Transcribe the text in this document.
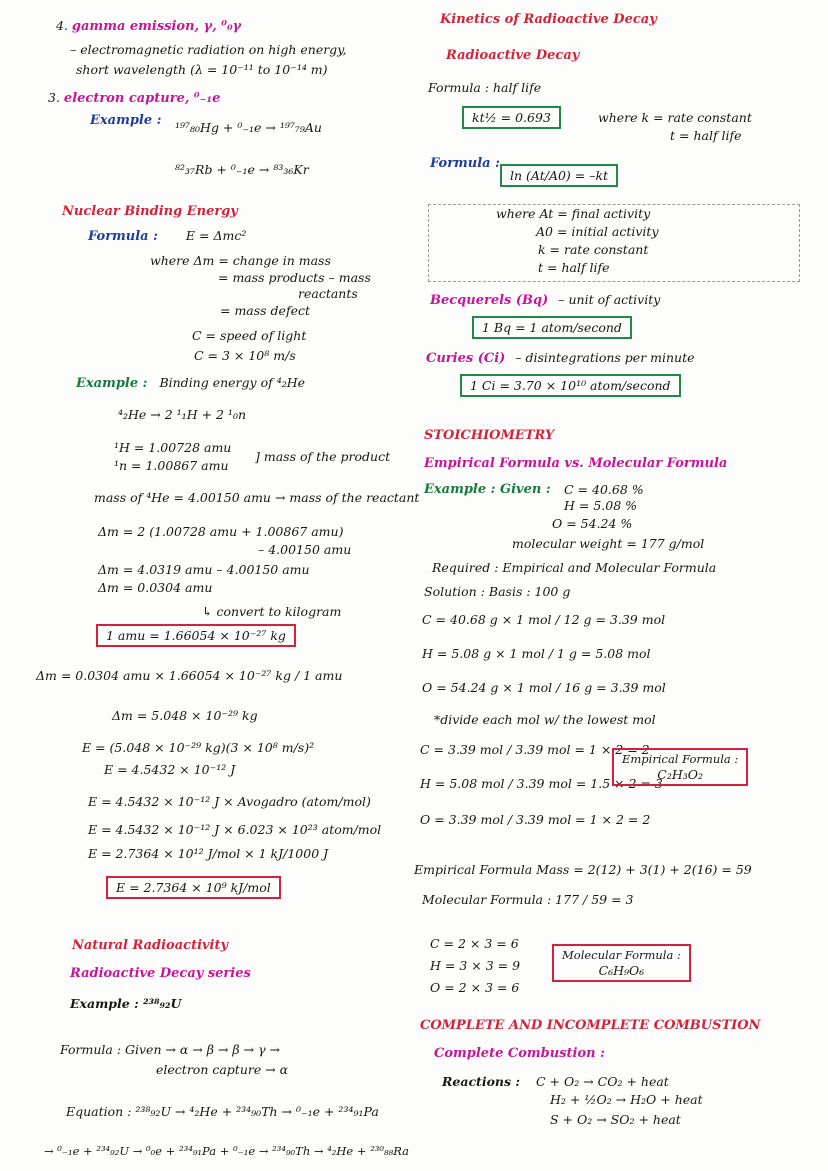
4. gamma emission, γ, ⁰₀γ
– electromagnetic radiation on high energy,
short wavelength (λ = 10⁻¹¹ to 10⁻¹⁴ m)
3. electron capture, ⁰₋₁e
Example : ¹⁹⁷₈₀Hg + ⁰₋₁e → ¹⁹⁷₇₉Au
⁸²₃₇Rb + ⁰₋₁e → ⁸³₃₆Kr
Nuclear Binding Energy
Formula : E = Δmc²
where Δm = change in mass
= mass products – mass
reactants
= mass defect
C = speed of light
C = 3 × 10⁸ m/s
Example : Binding energy of ⁴₂He
⁴₂He → 2 ¹₁H + 2 ¹₀n
¹H = 1.00728 amu
¹n = 1.00867 amu
] mass of the product
mass of ⁴He = 4.00150 amu → mass of the reactant
Δm = 2 (1.00728 amu + 1.00867 amu)
– 4.00150 amu
Δm = 4.0319 amu – 4.00150 amu
Δm = 0.0304 amu
↳ convert to kilogram
1 amu = 1.66054 × 10⁻²⁷ kg
Δm = 0.0304 amu × 1.66054 × 10⁻²⁷ kg / 1 amu
Δm = 5.048 × 10⁻²⁹ kg
E = (5.048 × 10⁻²⁹ kg)(3 × 10⁸ m/s)²
E = 4.5432 × 10⁻¹² J
E = 4.5432 × 10⁻¹² J × Avogadro (atom/mol)
E = 4.5432 × 10⁻¹² J × 6.023 × 10²³ atom/mol
E = 2.7364 × 10¹² J/mol × 1 kJ/1000 J
E = 2.7364 × 10⁹ kJ/mol
Natural Radioactivity
Radioactive Decay series
Example : ²³⁸₉₂U
Formula : Given → α → β → β → γ →
electron capture → α
Equation : ²³⁸₉₂U → ⁴₂He + ²³⁴₉₀Th → ⁰₋₁e + ²³⁴₉₁Pa
→ ⁰₋₁e + ²³⁴₉₂U → ⁰₀e + ²³⁴₉₁Pa + ⁰₋₁e → ²³⁴₉₀Th → ⁴₂He + ²³⁰₈₈Ra
Kinetics of Radioactive Decay
Radioactive Decay
Formula : half life
kt½ = 0.693	where k = rate constant
t = half life
Formula :
ln (At/A0) = –kt
where At = final activity
A0 = initial activity
k = rate constant
t = half life
Becquerels (Bq) – unit of activity
1 Bq = 1 atom/second
Curies (Ci) – disintegrations per minute
1 Ci = 3.70 × 10¹⁰ atom/second
STOICHIOMETRY
Empirical Formula vs. Molecular Formula
Example : Given : C = 40.68 %
H = 5.08 %
O = 54.24 %
molecular weight = 177 g/mol
Required : Empirical and Molecular Formula
Solution : Basis : 100 g
C = 40.68 g × 1 mol / 12 g = 3.39 mol
H = 5.08 g × 1 mol / 1 g = 5.08 mol
O = 54.24 g × 1 mol / 16 g = 3.39 mol
*divide each mol w/ the lowest mol
C = 3.39 mol / 3.39 mol = 1 × 2 = 2
H = 5.08 mol / 3.39 mol = 1.5 × 2 = 3
O = 3.39 mol / 3.39 mol = 1 × 2 = 2
Empirical Formula :
C₂H₃O₂
Empirical Formula Mass = 2(12) + 3(1) + 2(16) = 59
Molecular Formula : 177 / 59 = 3
C = 2 × 3 = 6
H = 3 × 3 = 9
O = 2 × 3 = 6
Molecular Formula :
C₆H₉O₆
COMPLETE AND INCOMPLETE COMBUSTION
Complete Combustion :
Reactions : C + O₂ → CO₂ + heat
H₂ + ½O₂ → H₂O + heat
S + O₂ → SO₂ + heat
